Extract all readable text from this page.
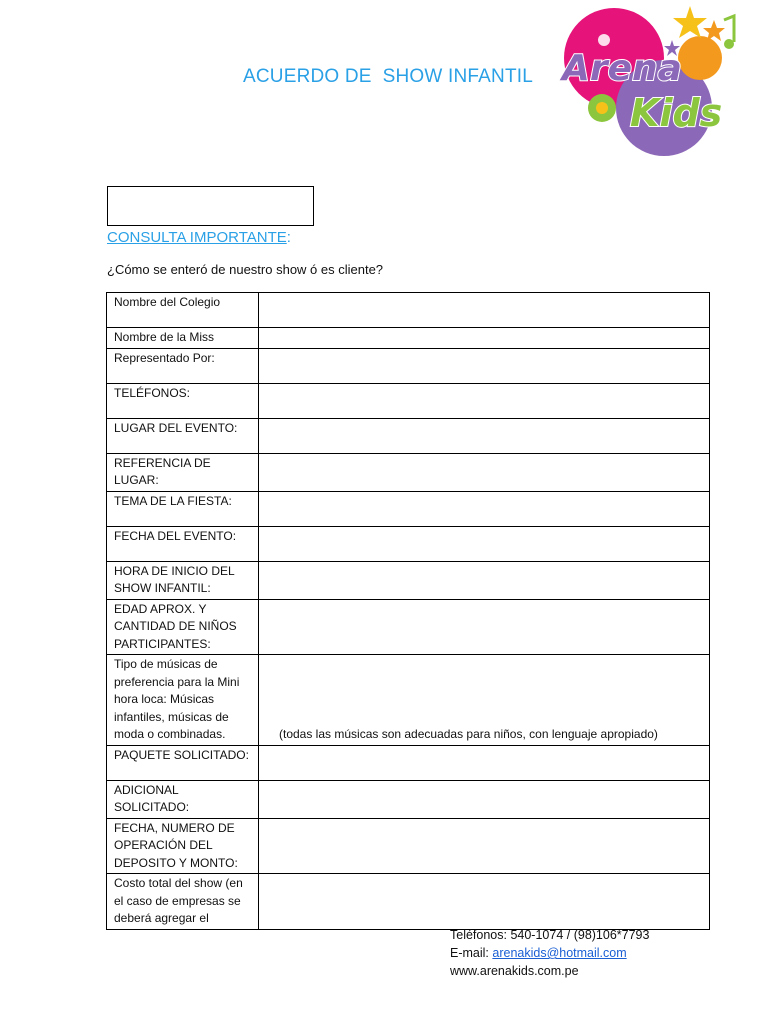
ACUERDO DE  SHOW INFANTIL Arena
Kids
CONSULTA IMPORTANTE:
¿Cómo se enteró de nuestro show ó es cliente?
Nombre del Colegio	
Nombre de la Miss	
Representado Por:	
TELÉFONOS:	
LUGAR DEL EVENTO:	
REFERENCIA DE LUGAR:	
TEMA DE LA FIESTA:	
FECHA DEL EVENTO:	
HORA DE INICIO DEL SHOW INFANTIL:	
EDAD APROX. Y CANTIDAD DE NIÑOS PARTICIPANTES:	
Tipo de músicas de preferencia para la Mini hora loca: Músicas infantiles, músicas de moda o combinadas.	(todas las músicas son adecuadas para niños, con lenguaje apropiado)
PAQUETE SOLICITADO:	
ADICIONAL SOLICITADO:	
FECHA, NUMERO DE OPERACIÓN DEL DEPOSITO Y MONTO:	
Costo total del show (en el caso de empresas se deberá agregar el	
Teléfonos: 540-1074 / (98)106*7793
E-mail: arenakids@hotmail.com
www.arenakids.com.pe
